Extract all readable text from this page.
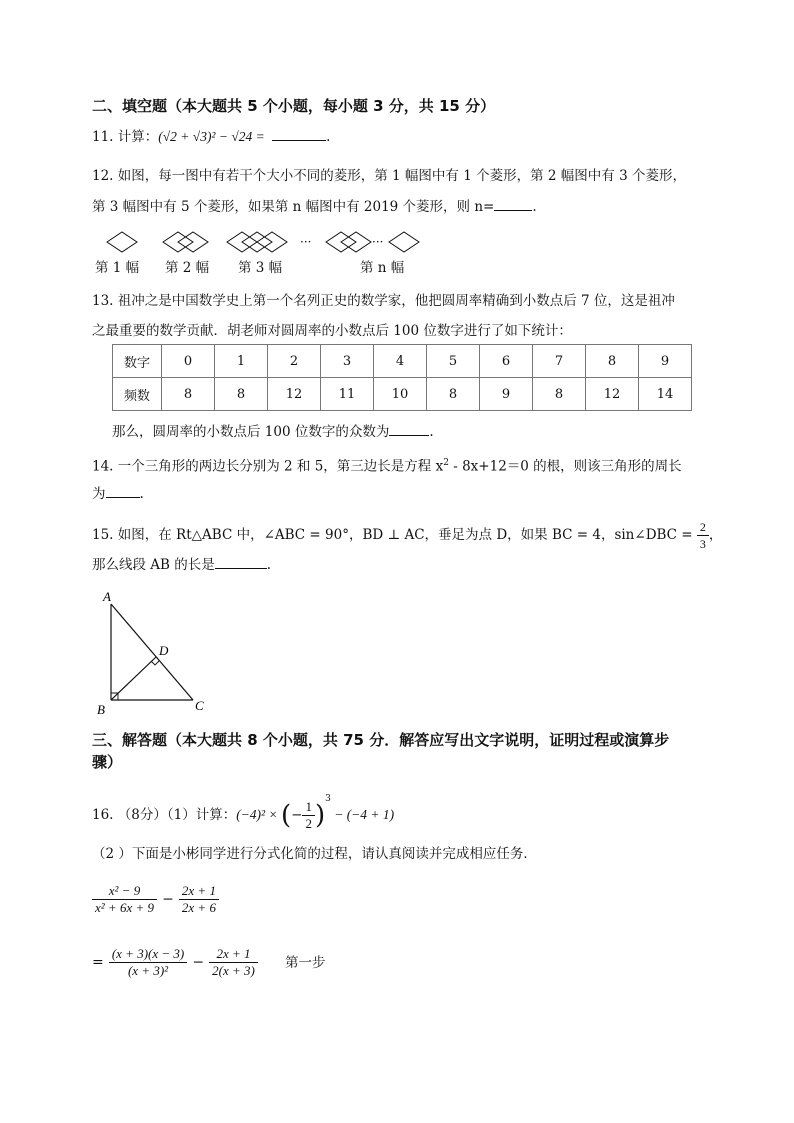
二、填空题（本大题共 5 个小题，每小题 3 分，共 15 分）
11. 计算：(√2 + √3)² − √24 =	.
12. 如图，每一图中有若干个大小不同的菱形，第 1 幅图中有 1 个菱形，第 2 幅图中有 3 个菱形，
第 3 幅图中有 5 个菱形，如果第 n 幅图中有 2019 个菱形，则 n=	.
···	···
第 1 幅 第 2 幅 第 3 幅	第 n 幅
13. 祖冲之是中国数学史上第一个名列正史的数学家，他把圆周率精确到小数点后 7 位，这是祖冲
之最重要的数学贡献．胡老师对圆周率的小数点后 100 位数字进行了如下统计：
数字	0	1	2	3	4	5	6	7	8	9
频数	8	8	12	11	10	8	9	8	12	14
那么，圆周率的小数点后 100 位数字的众数为	.
14. 一个三角形的两边长分别为 2 和 5，第三边长是方程 $x^2 - 8x+12=0$ 的根，则该三角形的周长
为	.
15. 如图，在 Rt△ABC 中，∠ABC = 90°，BD ⊥ AC，垂足为点 D，如果 BC = 4，sin∠DBC = $\frac{2}{3}$ ，
那么线段 AB 的长是	.
A
B	C
D
三、解答题（本大题共 8 个小题，共 75 分．解答应写出文字说明，证明过程或演算步
骤）
16. （8分）（1）计算：(−4)² × (− $\frac{1}{2} )^3 - (-4 + 1)$
（2 ）下面是小彬同学进行分式化简的过程，请认真阅读并完成相应任务．
$\frac{\text{x² − 9}}{\text{x² + 6x + 9}} - \frac{2x + 1}{2x + 6}$
= $\frac{(x + 3)(x - 3)}{\text{(x + 3)²}} - \frac{2x + 1}{2(x + 3)}$ 第一步
